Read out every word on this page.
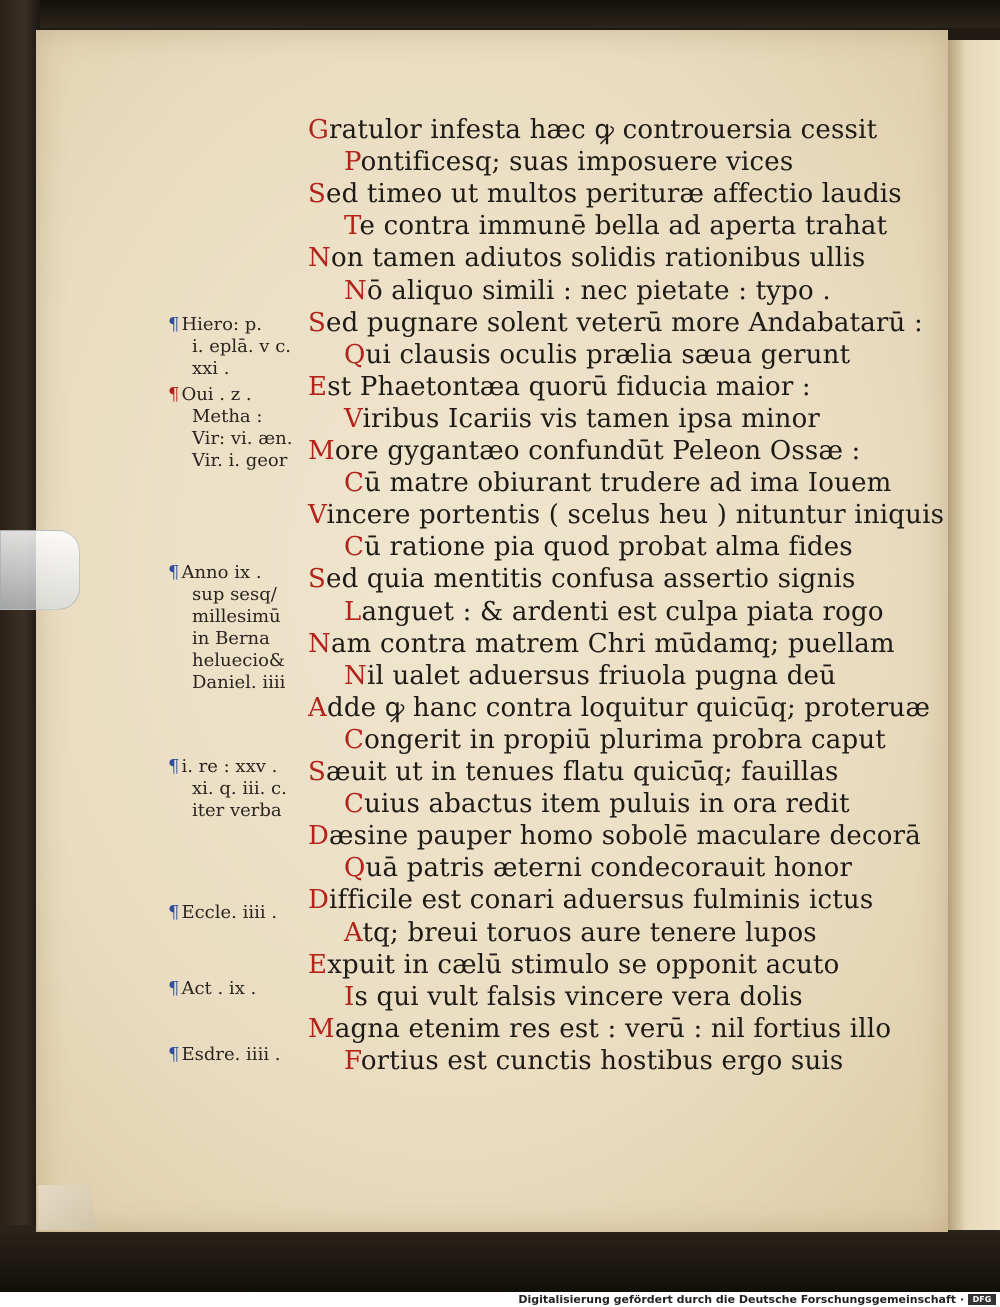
Gratulor infesta hæc ꝙ controuersia cessit
Pontificesq; suas imposuere vices
Sed timeo ut multos perituræ affectio laudis
Te contra immunē bella ad aperta trahat
Non tamen adiutos solidis rationibus ullis
Nō aliquo simili : nec pietate : typo .
Sed pugnare solent veterū more Andabatarū :
Qui clausis oculis prælia sæua gerunt
Est Phaetontæa quorū fiducia maior :
Viribus Icariis vis tamen ipsa minor
More gygantæo confundūt Peleon Ossæ :
Cū matre obiurant trudere ad ima Iouem
Vincere portentis ( scelus heu ) nituntur iniquis
Cū ratione pia quod probat alma fides
Sed quia mentitis confusa assertio signis
Languet : & ardenti est culpa piata rogo
Nam contra matrem Chri mūdamq; puellam
Nil ualet aduersus friuola pugna deū
Adde ꝙ hanc contra loquitur quicūq; proteruæ
Congerit in propiū plurima probra caput
Sæuit ut in tenues flatu quicūq; fauillas
Cuius abactus item puluis in ora redit
Dæsine pauper homo sobolē maculare decorā
Quā patris æterni condecorauit honor
Difficile est conari aduersus fulminis ictus
Atq; breui toruos aure tenere lupos
Expuit in cælū stimulo se opponit acuto
Is qui vult falsis vincere vera dolis
Magna etenim res est : verū : nil fortius illo
Fortius est cunctis hostibus ergo suis
¶ Hiero: p.
i. eplā. v c.
xxi .
¶ Oui . z .
Metha :
Vir: vi. æn.
Vir. i. geor
¶ Anno ix .
sup sesq/
millesimū
in Berna
heluecio&
Daniel. iiii
¶ i. re : xxv .
xi. q. iii. c.
iter verba
¶ Eccle. iiii .
¶ Act . ix .
¶ Esdre. iiii .
Digitalisierung gefördert durch die Deutsche Forschungsgemeinschaft ·	DFG
